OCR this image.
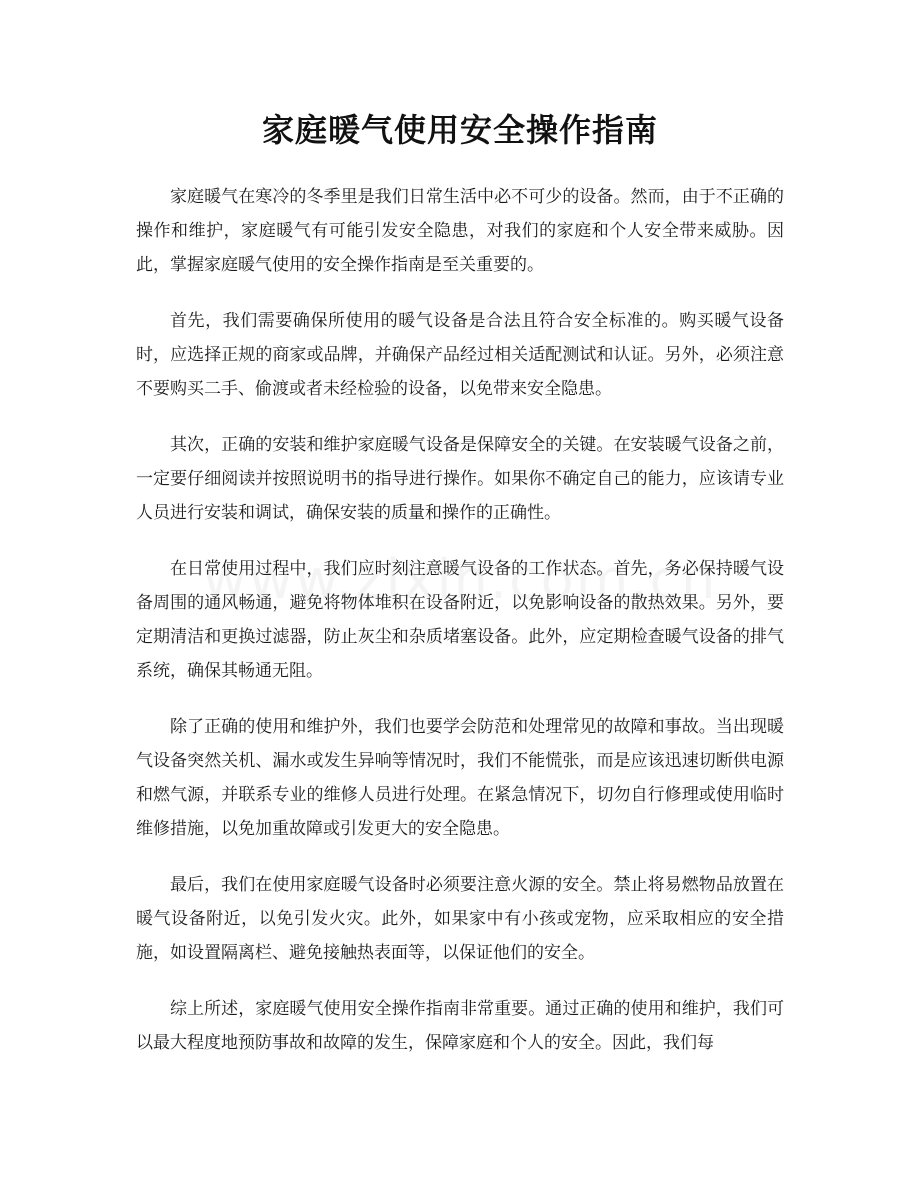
家庭暖气使用安全操作指南

家庭暖气在寒冷的冬季里是我们日常生活中必不可少的设备。然而，由于不正确的操作和维护，家庭暖气有可能引发安全隐患，对我们的家庭和个人安全带来威胁。因此，掌握家庭暖气使用的安全操作指南是至关重要的。

首先，我们需要确保所使用的暖气设备是合法且符合安全标准的。购买暖气设备时，应选择正规的商家或品牌，并确保产品经过相关适配测试和认证。另外，必须注意不要购买二手、偷渡或者未经检验的设备，以免带来安全隐患。

其次，正确的安装和维护家庭暖气设备是保障安全的关键。在安装暖气设备之前，一定要仔细阅读并按照说明书的指导进行操作。如果你不确定自己的能力，应该请专业人员进行安装和调试，确保安装的质量和操作的正确性。

在日常使用过程中，我们应时刻注意暖气设备的工作状态。首先，务必保持暖气设备周围的通风畅通，避免将物体堆积在设备附近，以免影响设备的散热效果。另外，要定期清洁和更换过滤器，防止灰尘和杂质堵塞设备。此外，应定期检查暖气设备的排气系统，确保其畅通无阻。

除了正确的使用和维护外，我们也要学会防范和处理常见的故障和事故。当出现暖气设备突然关机、漏水或发生异响等情况时，我们不能慌张，而是应该迅速切断供电源和燃气源，并联系专业的维修人员进行处理。在紧急情况下，切勿自行修理或使用临时维修措施，以免加重故障或引发更大的安全隐患。

最后，我们在使用家庭暖气设备时必须要注意火源的安全。禁止将易燃物品放置在暖气设备附近，以免引发火灾。此外，如果家中有小孩或宠物，应采取相应的安全措施，如设置隔离栏、避免接触热表面等，以保证他们的安全。

综上所述，家庭暖气使用安全操作指南非常重要。通过正确的使用和维护，我们可以最大程度地预防事故和故障的发生，保障家庭和个人的安全。因此，我们每
